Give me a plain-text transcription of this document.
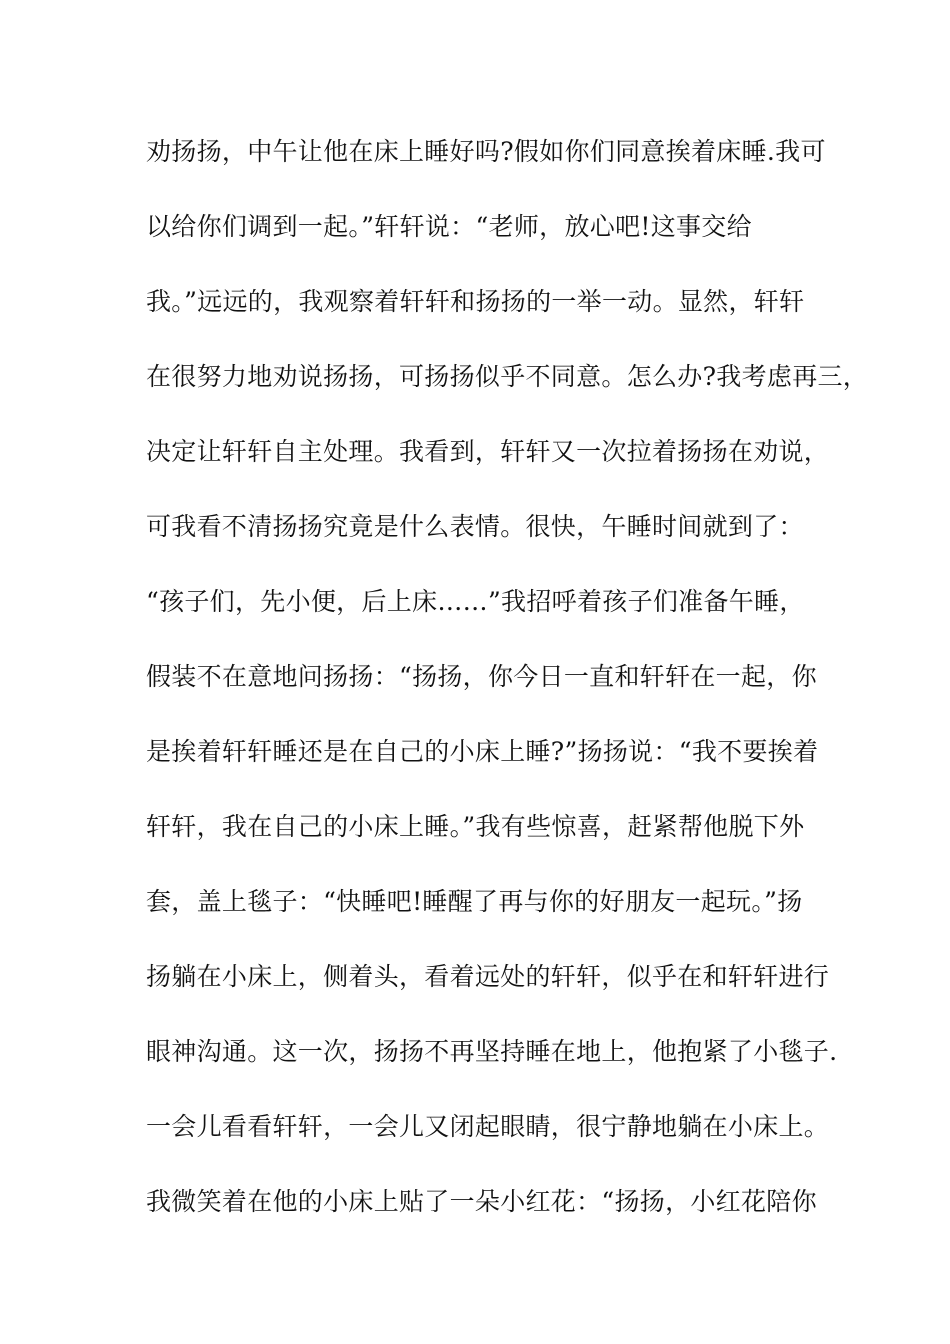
劝扬扬，中午让他在床上睡好吗?假如你们同意挨着床睡.我可
以给你们调到一起。”轩轩说：“老师，放心吧!这事交给
我。”远远的，我观察着轩轩和扬扬的一举一动。显然，轩轩
在很努力地劝说扬扬，可扬扬似乎不同意。怎么办?我考虑再三，
决定让轩轩自主处理。我看到，轩轩又一次拉着扬扬在劝说，
可我看不清扬扬究竟是什么表情。很快，午睡时间就到了：
“孩子们，先小便，后上床……”我招呼着孩子们准备午睡，
假装不在意地问扬扬：“扬扬，你今日一直和轩轩在一起，你
是挨着轩轩睡还是在自己的小床上睡?”扬扬说：“我不要挨着
轩轩，我在自己的小床上睡。”我有些惊喜，赶紧帮他脱下外
套，盖上毯子：“快睡吧!睡醒了再与你的好朋友一起玩。”扬
扬躺在小床上，侧着头，看着远处的轩轩，似乎在和轩轩进行
眼神沟通。这一次，扬扬不再坚持睡在地上，他抱紧了小毯子.
一会儿看看轩轩，一会儿又闭起眼睛，很宁静地躺在小床上。
我微笑着在他的小床上贴了一朵小红花：“扬扬，小红花陪你
